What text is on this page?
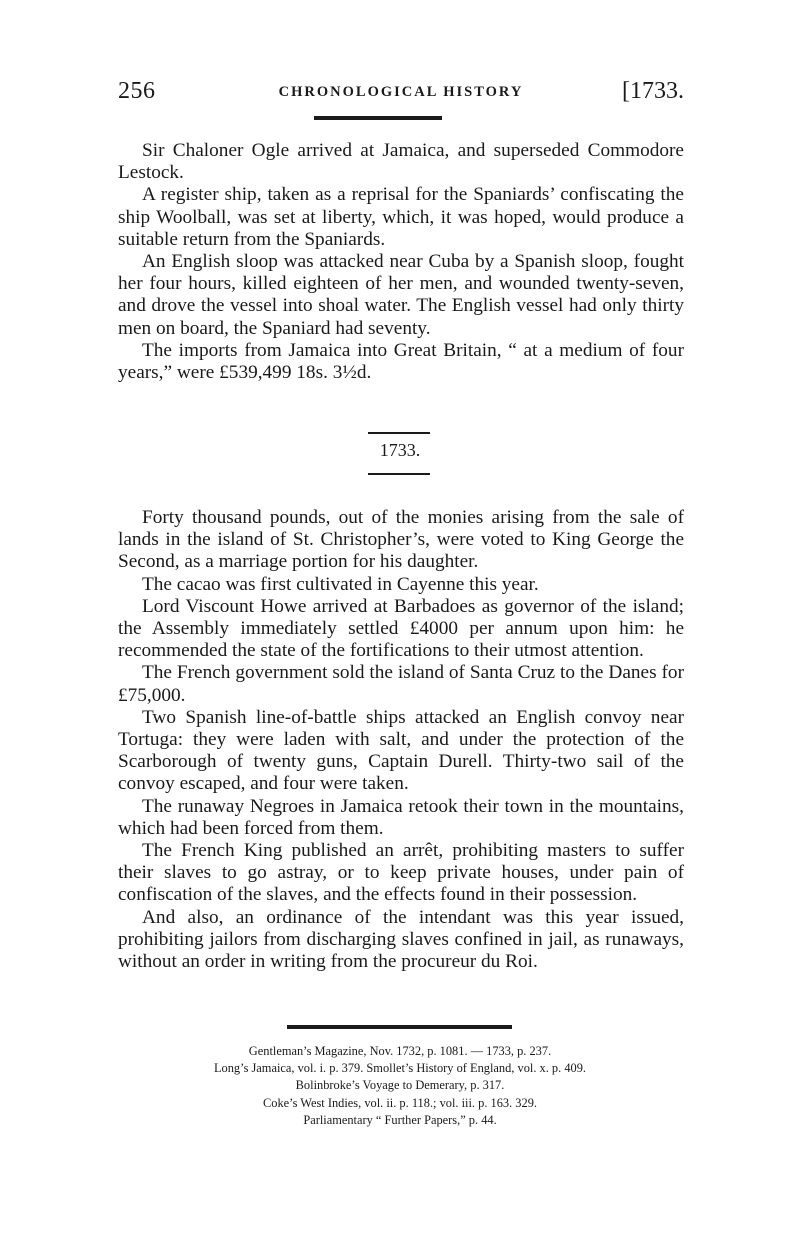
256	CHRONOLOGICAL HISTORY	[1733.

Sir Chaloner Ogle arrived at Jamaica, and superseded Commodore Lestock.

A register ship, taken as a reprisal for the Spaniards’ confiscating the ship Woolball, was set at liberty, which, it was hoped, would produce a suitable return from the Spaniards.

An English sloop was attacked near Cuba by a Spanish sloop, fought her four hours, killed eighteen of her men, and wounded twenty-seven, and drove the vessel into shoal water. The English vessel had only thirty men on board, the Spaniard had seventy.

The imports from Jamaica into Great Britain, “ at a medium of four years,” were £539,499 18s. 3½d.

1733.

Forty thousand pounds, out of the monies arising from the sale of lands in the island of St. Christopher’s, were voted to King George the Second, as a marriage portion for his daughter.

The cacao was first cultivated in Cayenne this year.

Lord Viscount Howe arrived at Barbadoes as governor of the island; the Assembly immediately settled £4000 per annum upon him: he recommended the state of the fortifications to their utmost attention.

The French government sold the island of Santa Cruz to the Danes for £75,000.

Two Spanish line-of-battle ships attacked an English convoy near Tortuga: they were laden with salt, and under the protection of the Scarborough of twenty guns, Captain Durell. Thirty-two sail of the convoy escaped, and four were taken.

The runaway Negroes in Jamaica retook their town in the mountains, which had been forced from them.

The French King published an arrêt, prohibiting masters to suffer their slaves to go astray, or to keep private houses, under pain of confiscation of the slaves, and the effects found in their possession.

And also, an ordinance of the intendant was this year issued, prohibiting jailors from discharging slaves confined in jail, as runaways, without an order in writing from the procureur du Roi.

Gentleman’s Magazine, Nov. 1732, p. 1081. — 1733, p. 237.
Long’s Jamaica, vol. i. p. 379. Smollet’s History of England, vol. x. p. 409.
Bolinbroke’s Voyage to Demerary, p. 317.
Coke’s West Indies, vol. ii. p. 118.; vol. iii. p. 163. 329.
Parliamentary “ Further Papers,” p. 44.
